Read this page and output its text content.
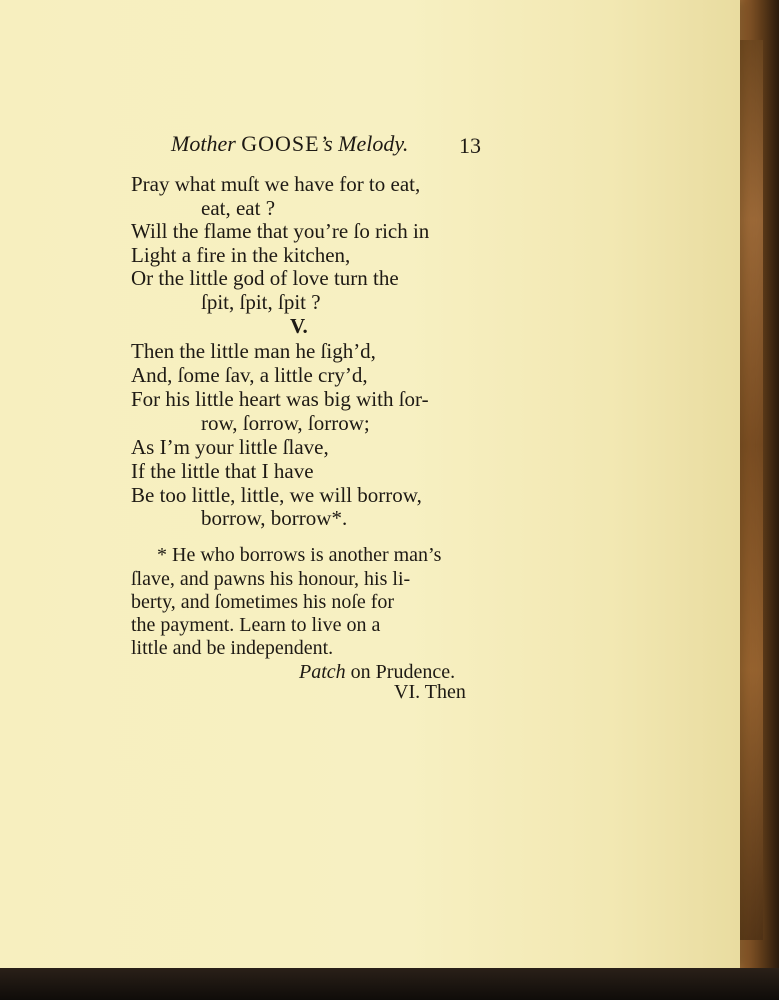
Mother GOOSE’s Melody. 13
Pray what muſt we have for to eat,
eat, eat ?
Will the flame that you’re ſo rich in
Light a fire in the kitchen,
Or the little god of love turn the
ſpit, ſpit, ſpit ?
V.
Then the little man he ſigh’d,
And, ſome ſav, a little cry’d,
For his little heart was big with ſor-
row, ſorrow, ſorrow;
As I’m your little ſlave,
If the little that I have
Be too little, little, we will borrow,
borrow, borrow*.
* He who borrows is another man’s
ſlave, and pawns his honour, his li-
berty, and ſometimes his noſe for
the payment. Learn to live on a
little and be independent.
Patch on Prudence.
VI. Then
